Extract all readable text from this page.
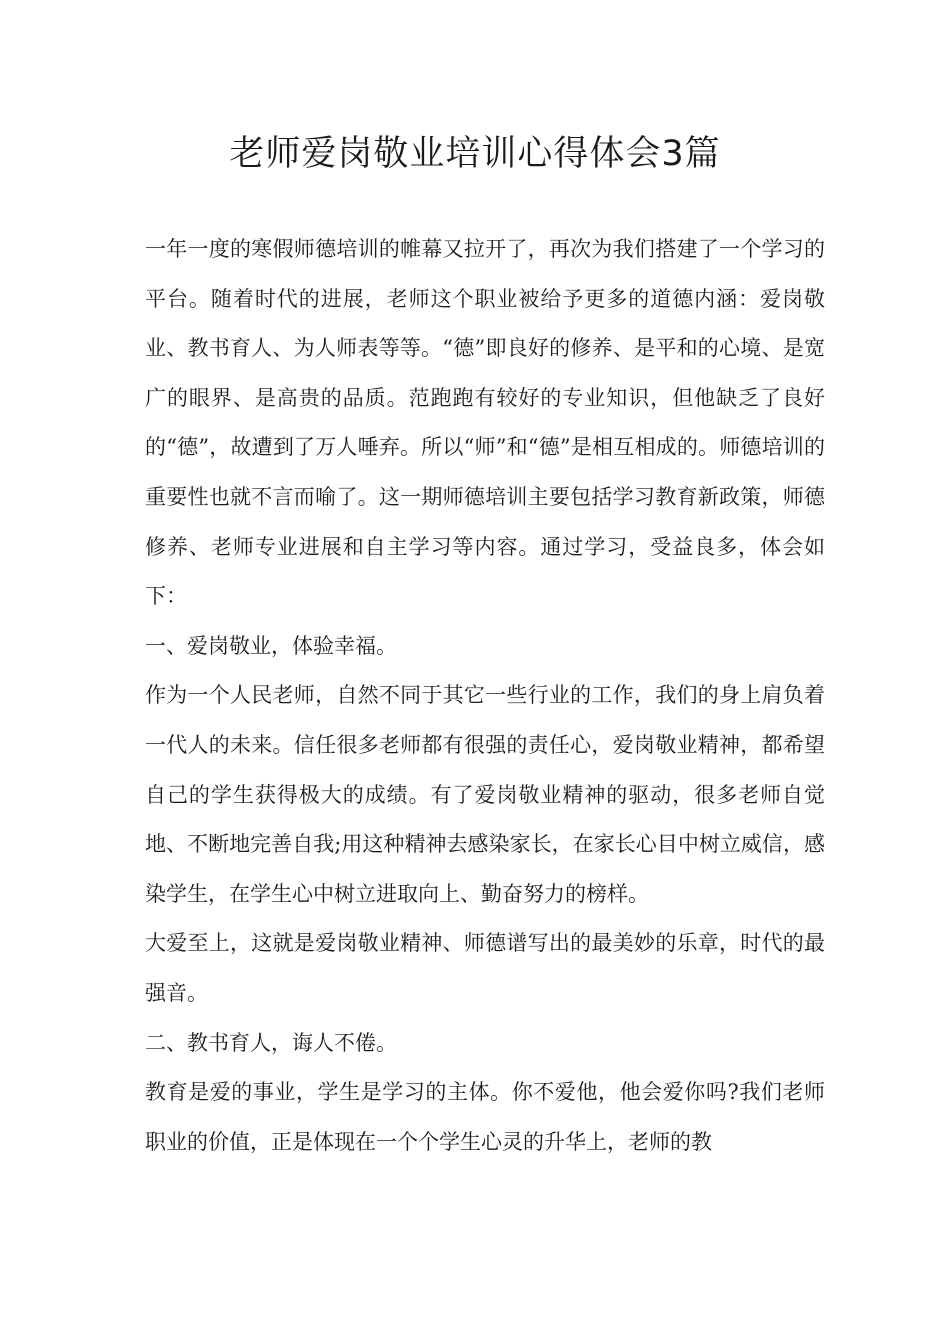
老师爱岗敬业培训心得体会3篇

一年一度的寒假师德培训的帷幕又拉开了，再次为我们搭建了一个学习的平台。随着时代的进展，老师这个职业被给予更多的道德内涵：爱岗敬业、教书育人、为人师表等等。“德”即良好的修养、是平和的心境、是宽广的眼界、是高贵的品质。范跑跑有较好的专业知识，但他缺乏了良好的“德”，故遭到了万人唾弃。所以“师”和“德”是相互相成的。师德培训的重要性也就不言而喻了。这一期师德培训主要包括学习教育新政策，师德修养、老师专业进展和自主学习等内容。通过学习，受益良多，体会如下：

一、爱岗敬业，体验幸福。

作为一个人民老师，自然不同于其它一些行业的工作，我们的身上肩负着一代人的未来。信任很多老师都有很强的责任心，爱岗敬业精神，都希望自己的学生获得极大的成绩。有了爱岗敬业精神的驱动，很多老师自觉地、不断地完善自我;用这种精神去感染家长，在家长心目中树立威信，感染学生，在学生心中树立进取向上、勤奋努力的榜样。

大爱至上，这就是爱岗敬业精神、师德谱写出的最美妙的乐章，时代的最强音。

二、教书育人，诲人不倦。

教育是爱的事业，学生是学习的主体。你不爱他，他会爱你吗?我们老师职业的价值，正是体现在一个个学生心灵的升华上，老师的教
